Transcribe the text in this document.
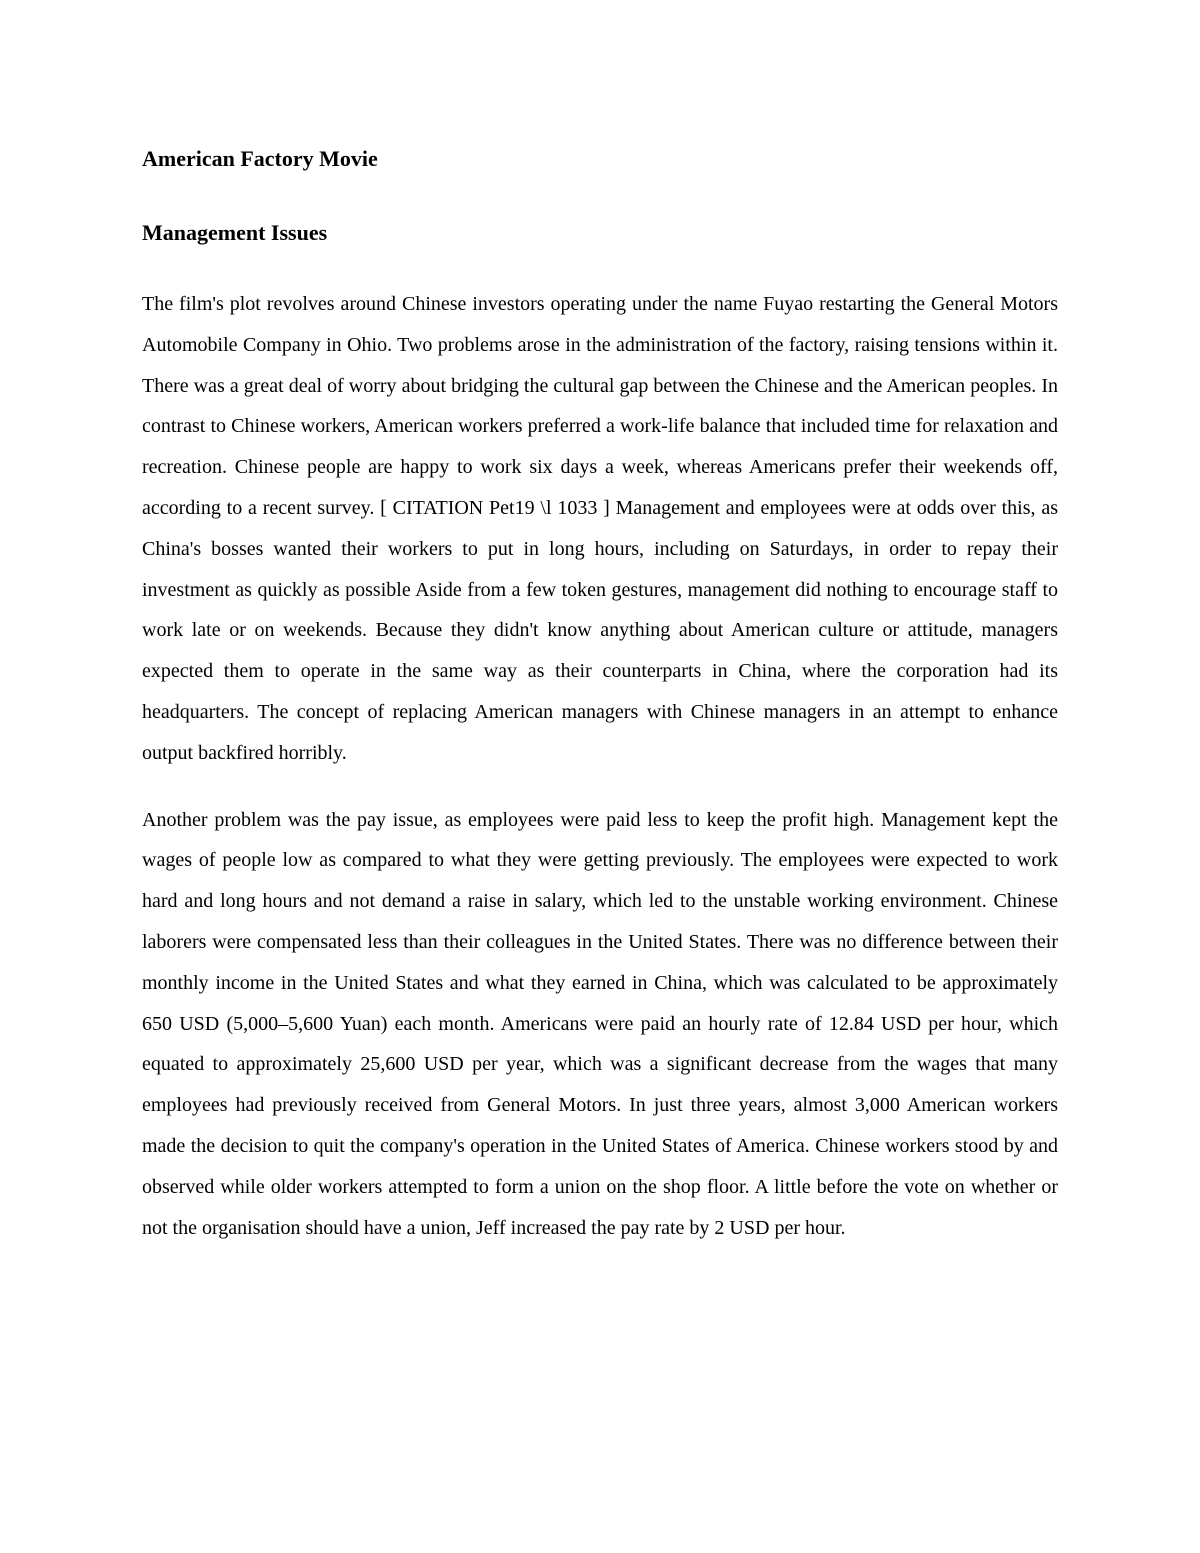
American Factory Movie
Management Issues

The film's plot revolves around Chinese investors operating under the name Fuyao restarting the General Motors Automobile Company in Ohio. Two problems arose in the administration of the factory, raising tensions within it. There was a great deal of worry about bridging the cultural gap between the Chinese and the American peoples. In contrast to Chinese workers, American workers preferred a work-life balance that included time for relaxation and recreation. Chinese people are happy to work six days a week, whereas Americans prefer their weekends off, according to a recent survey. [ CITATION Pet19 \l 1033 ] Management and employees were at odds over this, as China's bosses wanted their workers to put in long hours, including on Saturdays, in order to repay their investment as quickly as possible Aside from a few token gestures, management did nothing to encourage staff to work late or on weekends. Because they didn't know anything about American culture or attitude, managers expected them to operate in the same way as their counterparts in China, where the corporation had its headquarters. The concept of replacing American managers with Chinese managers in an attempt to enhance output backfired horribly.

Another problem was the pay issue, as employees were paid less to keep the profit high. Management kept the wages of people low as compared to what they were getting previously. The employees were expected to work hard and long hours and not demand a raise in salary, which led to the unstable working environment. Chinese laborers were compensated less than their colleagues in the United States. There was no difference between their monthly income in the United States and what they earned in China, which was calculated to be approximately 650 USD (5,000–5,600 Yuan) each month. Americans were paid an hourly rate of 12.84 USD per hour, which equated to approximately 25,600 USD per year, which was a significant decrease from the wages that many employees had previously received from General Motors. In just three years, almost 3,000 American workers made the decision to quit the company's operation in the United States of America. Chinese workers stood by and observed while older workers attempted to form a union on the shop floor. A little before the vote on whether or not the organisation should have a union, Jeff increased the pay rate by 2 USD per hour.
